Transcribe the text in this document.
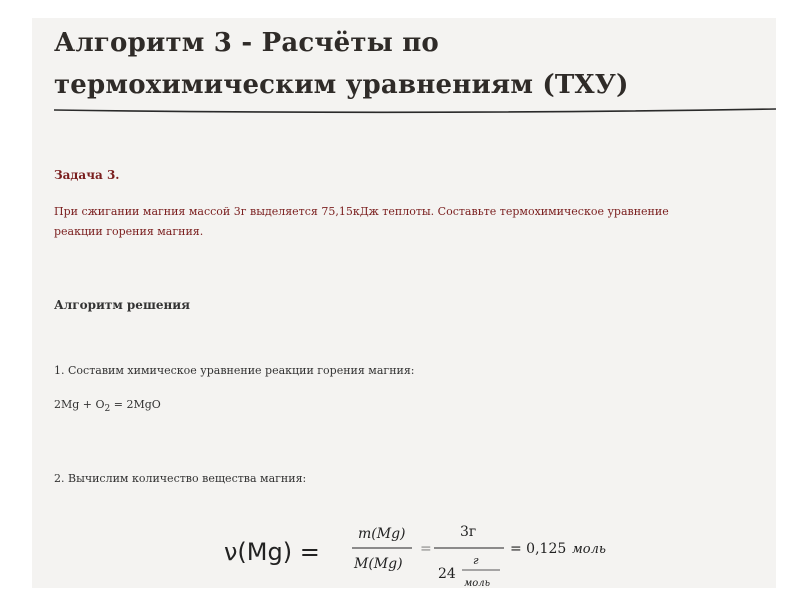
Алгоритм 3 - Расчёты по
термохимическим уравнениям (ТХУ)
Задача 3.
При сжигании магния массой 3г выделяется 75,15кДж теплоты. Составьте термохимическое уравнение реакции горения магния.
Алгоритм решения
1. Составим химическое уравнение реакции горения магния:
$2Mg + O_2 = 2MgO$
2. Вычислим количество вещества магния:
ν(Mg) =
m(Mg)
M(Mg)
=
3г
24
г
моль
= 0,125 моль
